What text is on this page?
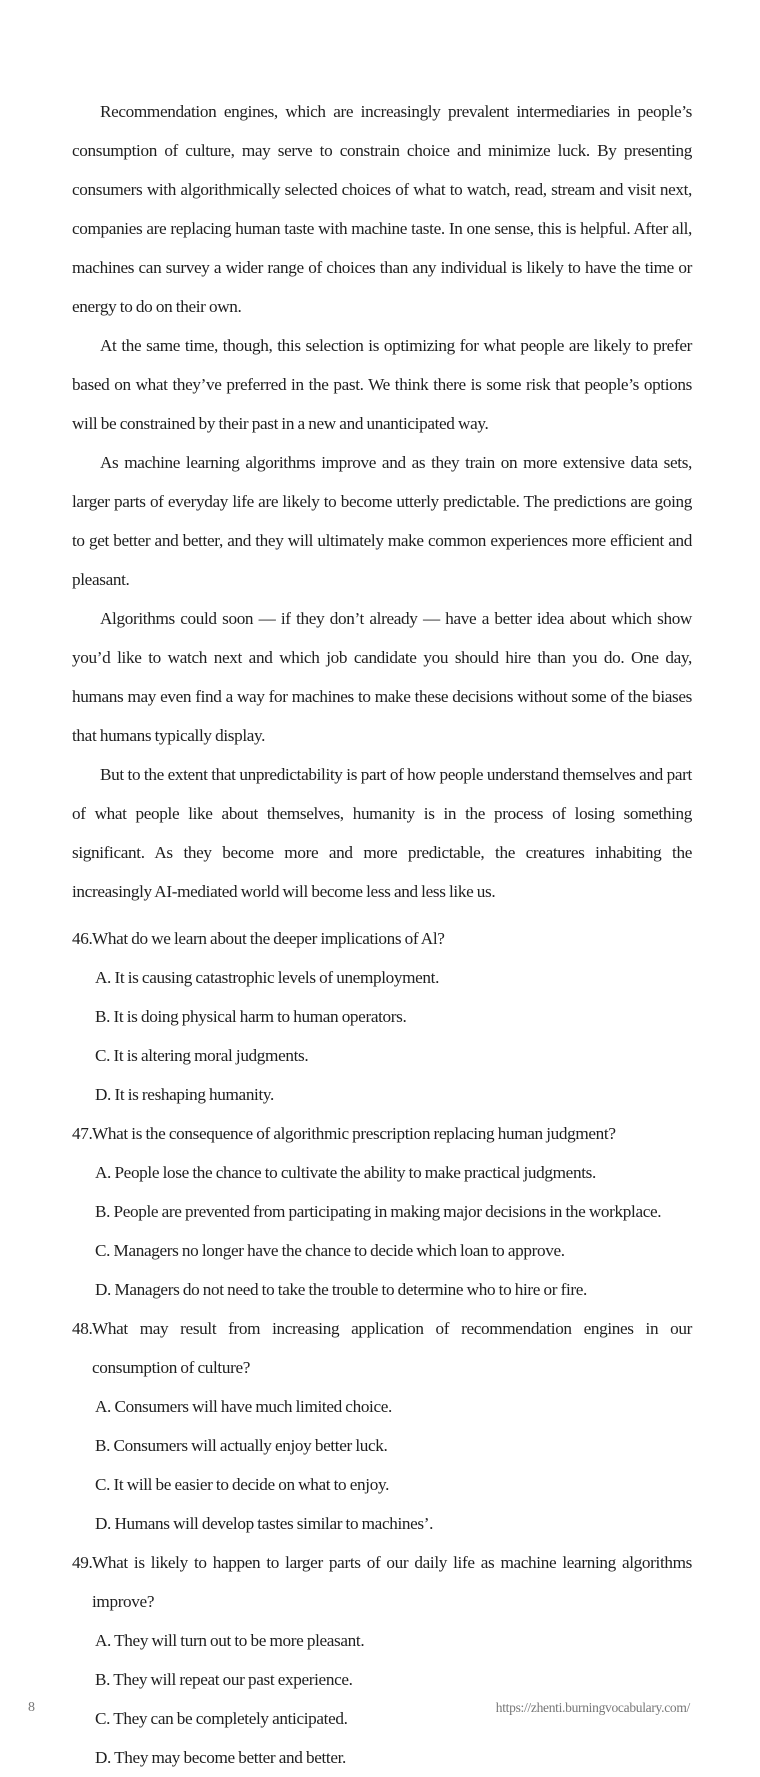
Recommendation engines, which are increasingly prevalent intermediaries in people’s consumption of culture, may serve to constrain choice and minimize luck. By presenting consumers with algorithmically selected choices of what to watch, read, stream and visit next, companies are replacing human taste with machine taste. In one sense, this is helpful. After all, machines can survey a wider range of choices than any individual is likely to have the time or energy to do on their own.

At the same time, though, this selection is optimizing for what people are likely to prefer based on what they’ve preferred in the past. We think there is some risk that people’s options will be constrained by their past in a new and unanticipated way.

As machine learning algorithms improve and as they train on more extensive data sets, larger parts of everyday life are likely to become utterly predictable. The predictions are going to get better and better, and they will ultimately make common experiences more efficient and pleasant.

Algorithms could soon — if they don’t already — have a better idea about which show you’d like to watch next and which job candidate you should hire than you do. One day, humans may even find a way for machines to make these decisions without some of the biases that humans typically display.

But to the extent that unpredictability is part of how people understand themselves and part of what people like about themselves, humanity is in the process of losing something significant. As they become more and more predictable, the creatures inhabiting the increasingly AI-mediated world will become less and less like us.

46. What do we learn about the deeper implications of Al?
A. It is causing catastrophic levels of unemployment.
B. It is doing physical harm to human operators.
C. It is altering moral judgments.
D. It is reshaping humanity.
47. What is the consequence of algorithmic prescription replacing human judgment?
A. People lose the chance to cultivate the ability to make practical judgments.
B. People are prevented from participating in making major decisions in the workplace.
C. Managers no longer have the chance to decide which loan to approve.
D. Managers do not need to take the trouble to determine who to hire or fire.
48. What may result from increasing application of recommendation engines in our consumption of culture?
A. Consumers will have much limited choice.
B. Consumers will actually enjoy better luck.
C. It will be easier to decide on what to enjoy.
D. Humans will develop tastes similar to machines’.
49. What is likely to happen to larger parts of our daily life as machine learning algorithms improve?
A. They will turn out to be more pleasant.
B. They will repeat our past experience.
C. They can be completely anticipated.
D. They may become better and better.
8	https://zhenti.burningvocabulary.com/
